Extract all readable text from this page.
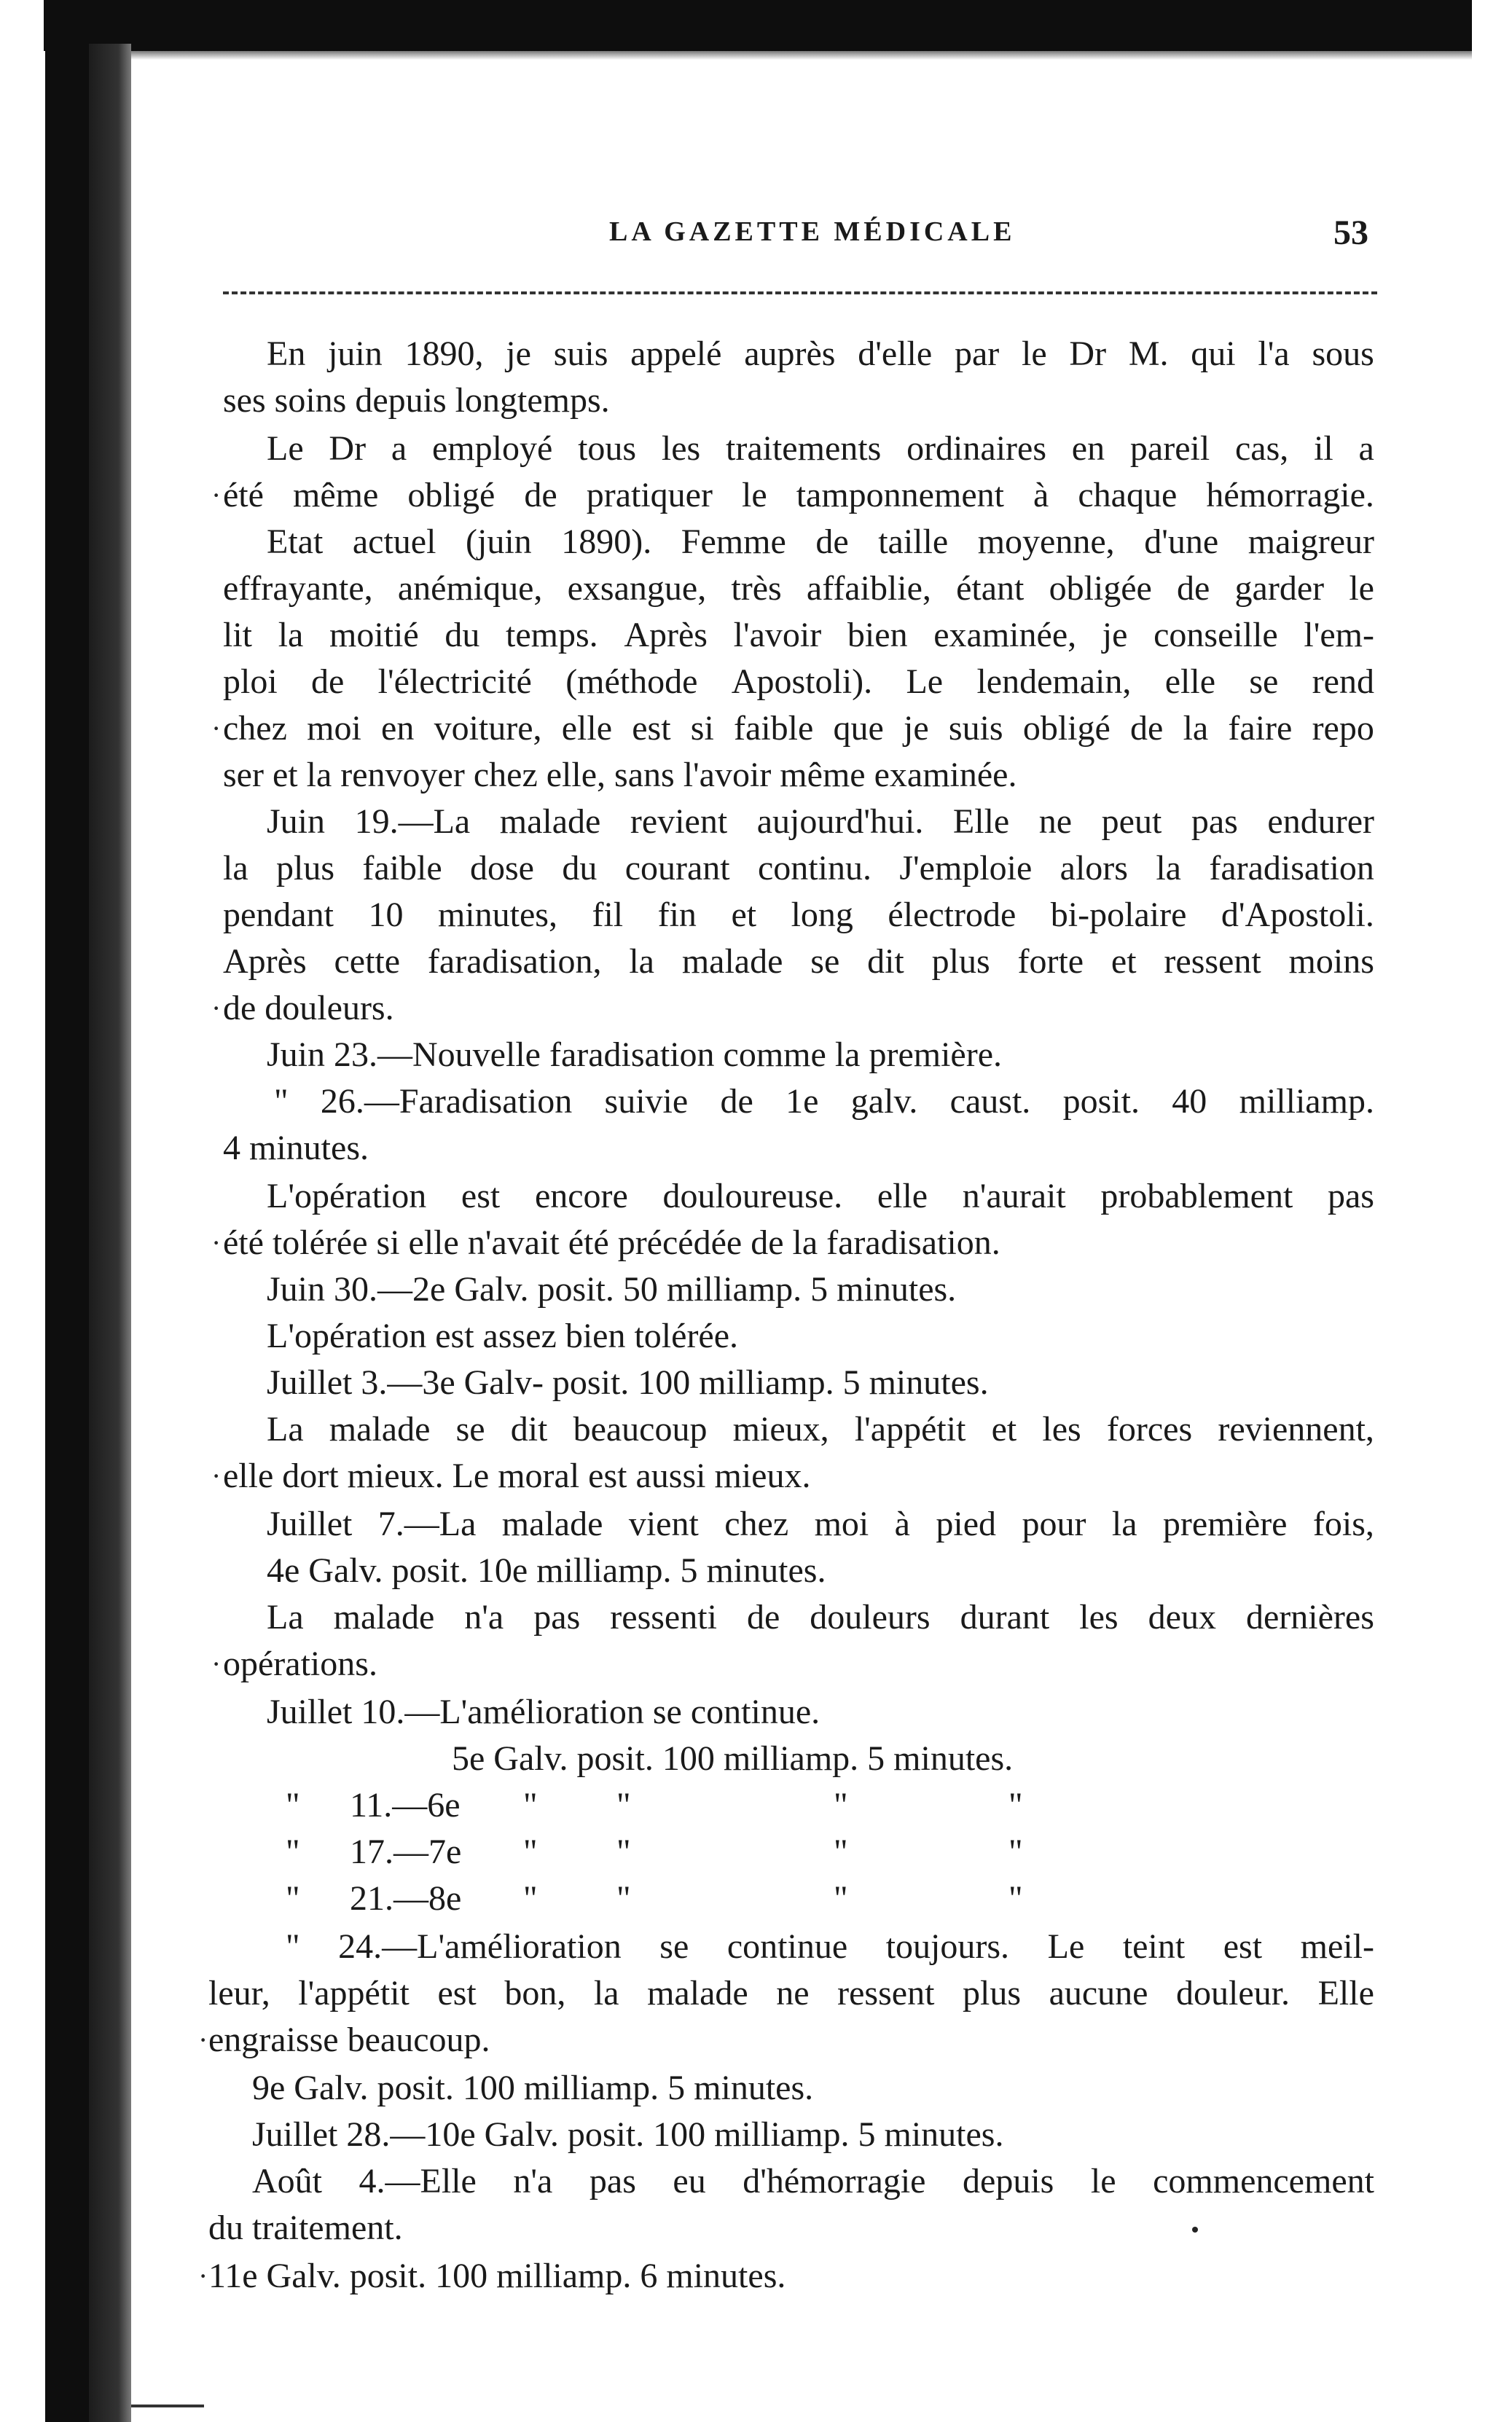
LA GAZETTE MÉDICALE	53
En juin 1890, je suis appelé auprès d'elle par le Dr M. qui l'a sous
ses soins depuis longtemps.
Le Dr a employé tous les traitements ordinaires en pareil cas, il a
été même obligé de pratiquer le tamponnement à chaque hémorragie.
Etat actuel (juin 1890). Femme de taille moyenne, d'une maigreur
effrayante, anémique, exsangue, très affaiblie, étant obligée de garder le
lit la moitié du temps. Après l'avoir bien examinée, je conseille l'em-
ploi de l'électricité (méthode Apostoli). Le lendemain, elle se rend
chez moi en voiture, elle est si faible que je suis obligé de la faire repo
ser et la renvoyer chez elle, sans l'avoir même examinée.
Juin 19.—La malade revient aujourd'hui. Elle ne peut pas endurer
la plus faible dose du courant continu. J'emploie alors la faradisation
pendant 10 minutes, fil fin et long électrode bi-polaire d'Apostoli.
Après cette faradisation, la malade se dit plus forte et ressent moins
de douleurs.
Juin 23.—Nouvelle faradisation comme la première.
" 26.—Faradisation suivie de 1e galv. caust. posit. 40 milliamp.
4 minutes.
L'opération est encore douloureuse. elle n'aurait probablement pas
été tolérée si elle n'avait été précédée de la faradisation.
Juin 30.—2e Galv. posit. 50 milliamp. 5 minutes.
L'opération est assez bien tolérée.
Juillet 3.—3e Galv- posit. 100 milliamp. 5 minutes.
La malade se dit beaucoup mieux, l'appétit et les forces reviennent,
elle dort mieux. Le moral est aussi mieux.
Juillet 7.—La malade vient chez moi à pied pour la première fois,
4e Galv. posit. 10e milliamp. 5 minutes.
La malade n'a pas ressenti de douleurs durant les deux dernières
opérations.
Juillet 10.—L'amélioration se continue.
5e Galv. posit. 100 milliamp. 5 minutes.
" 11.—6e " "	"	"
" 17.—7e " "	"	"
" 21.—8e " "	"	"
" 24.—L'amélioration se continue toujours. Le teint est meil-
leur, l'appétit est bon, la malade ne ressent plus aucune douleur. Elle
engraisse beaucoup.
9e Galv. posit. 100 milliamp. 5 minutes.
Juillet 28.—10e Galv. posit. 100 milliamp. 5 minutes.
Août 4.—Elle n'a pas eu d'hémorragie depuis le commencement
du traitement.
11e Galv. posit. 100 milliamp. 6 minutes.
·
·
·
·
·
·
·
·
